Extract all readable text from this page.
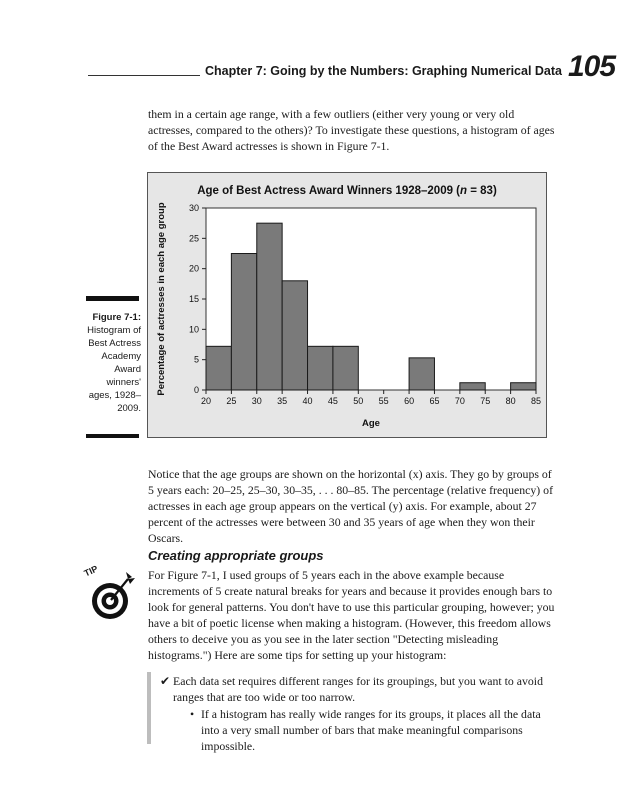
Chapter 7: Going by the Numbers: Graphing Numerical Data 105

them in a certain age range, with a few outliers (either very young or very old actresses, compared to the others)? To investigate these questions, a histogram of ages of the Best Award actresses is shown in Figure 7-1.

Figure 7-1:
Histogram of Best Actress Academy Award winners' ages, 1928–2009.
Age of Best Actress Award Winners 1928–2009 (n = 83)
0
5
10
15
20
25
30
20 25 30 35 40 45 50 55 60 65 70 75 80 85
Percentage of actresses in each age group
Age

Notice that the age groups are shown on the horizontal (x) axis. They go by groups of 5 years each: 20–25, 25–30, 30–35, . . . 80–85. The percentage (relative frequency) of actresses in each age group appears on the vertical (y) axis. For example, about 27 percent of the actresses were between 30 and 35 years of age when they won their Oscars.

Creating appropriate groups
TIP	For Figure 7-1, I used groups of 5 years each in the above example because increments of 5 create natural breaks for years and because it provides enough bars to look for general patterns. You don't have to use this particular grouping, however; you have a bit of poetic license when making a histogram. (However, this freedom allows others to deceive you as you see in the later section "Detecting misleading histograms.") Here are some tips for setting up your histogram:

✔ Each data set requires different ranges for its groupings, but you want to avoid ranges that are too wide or too narrow.
• If a histogram has really wide ranges for its groups, it places all the data into a very small number of bars that make meaningful comparisons impossible.
